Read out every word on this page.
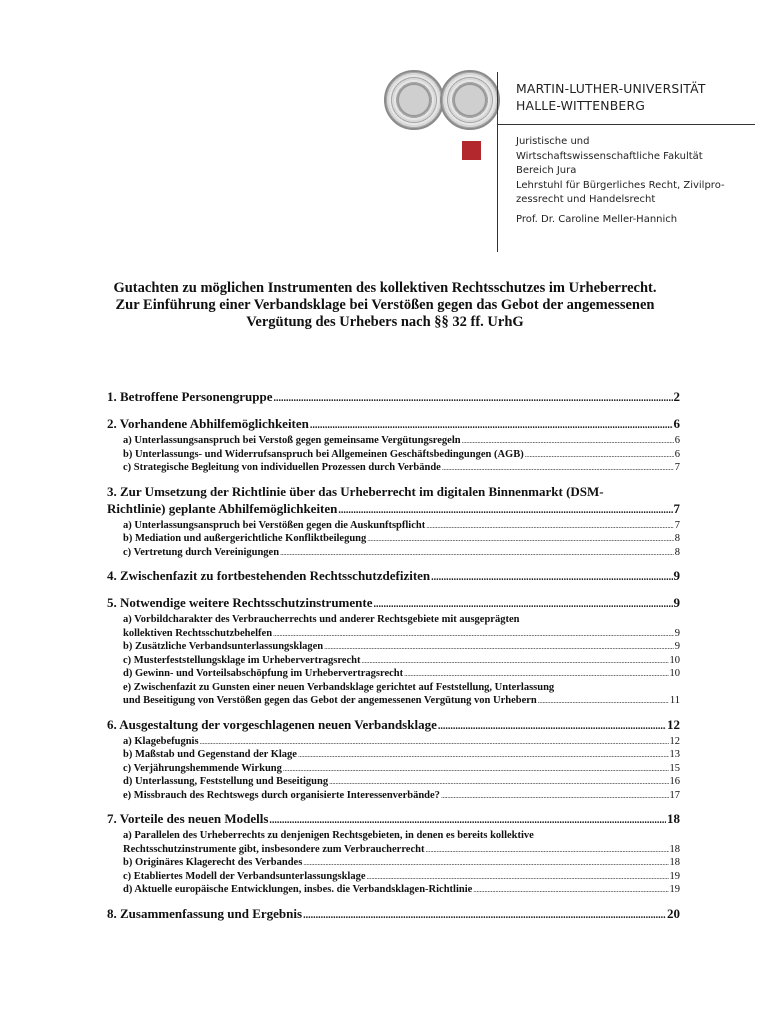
MARTIN-LUTHER-UNIVERSITÄT
HALLE-WITTENBERG
Juristische und
Wirtschaftswissenschaftliche Fakultät
Bereich Jura
Lehrstuhl für Bürgerliches Recht, Zivilpro-
zessrecht und Handelsrecht
Prof. Dr. Caroline Meller-Hannich
Gutachten zu möglichen Instrumenten des kollektiven Rechtsschutzes im Urheberrecht.
Zur Einführung einer Verbandsklage bei Verstößen gegen das Gebot der angemessenen
Vergütung des Urhebers nach §§ 32 ff. UrhG
1. Betroffene Personengruppe .....	2
2. Vorhandene Abhilfemöglichkeiten .....	6
a) Unterlassungsanspruch bei Verstoß gegen gemeinsame Vergütungsregeln .....	6
b) Unterlassungs- und Widerrufsanspruch bei Allgemeinen Geschäftsbedingungen (AGB) .....	6
c) Strategische Begleitung von individuellen Prozessen durch Verbände .....	7
3. Zur Umsetzung der Richtlinie über das Urheberrecht im digitalen Binnenmarkt (DSM-
Richtlinie) geplante Abhilfemöglichkeiten .....	7
a) Unterlassungsanspruch bei Verstößen gegen die Auskunftspflicht .....	7
b) Mediation und außergerichtliche Konfliktbeilegung .....	8
c) Vertretung durch Vereinigungen .....	8
4. Zwischenfazit zu fortbestehenden Rechtsschutzdefiziten .....	9
5. Notwendige weitere Rechtsschutzinstrumente .....	9
a) Vorbildcharakter des Verbraucherrechts und anderer Rechtsgebiete mit ausgeprägten
kollektiven Rechtsschutzbehelfen .....	9
b) Zusätzliche Verbandsunterlassungsklagen .....	9
c) Musterfeststellungsklage im Urhebervertragsrecht .....	10
d) Gewinn- und Vorteilsabschöpfung im Urhebervertragsrecht .....	10
e) Zwischenfazit zu Gunsten einer neuen Verbandsklage gerichtet auf Feststellung, Unterlassung
und Beseitigung von Verstößen gegen das Gebot der angemessenen Vergütung von Urhebern .....	11
6. Ausgestaltung der vorgeschlagenen neuen Verbandsklage .....	12
a) Klagebefugnis .....	12
b) Maßstab und Gegenstand der Klage .....	13
c) Verjährungshemmende Wirkung .....	15
d) Unterlassung, Feststellung und Beseitigung .....	16
e) Missbrauch des Rechtswegs durch organisierte Interessenverbände? .....	17
7. Vorteile des neuen Modells .....	18
a) Parallelen des Urheberrechts zu denjenigen Rechtsgebieten, in denen es bereits kollektive
Rechtsschutzinstrumente gibt, insbesondere zum Verbraucherrecht .....	18
b) Originäres Klagerecht des Verbandes .....	18
c) Etabliertes Modell der Verbandsunterlassungsklage .....	19
d) Aktuelle europäische Entwicklungen, insbes. die Verbandsklagen-Richtlinie .....	19
8. Zusammenfassung und Ergebnis .....	20
